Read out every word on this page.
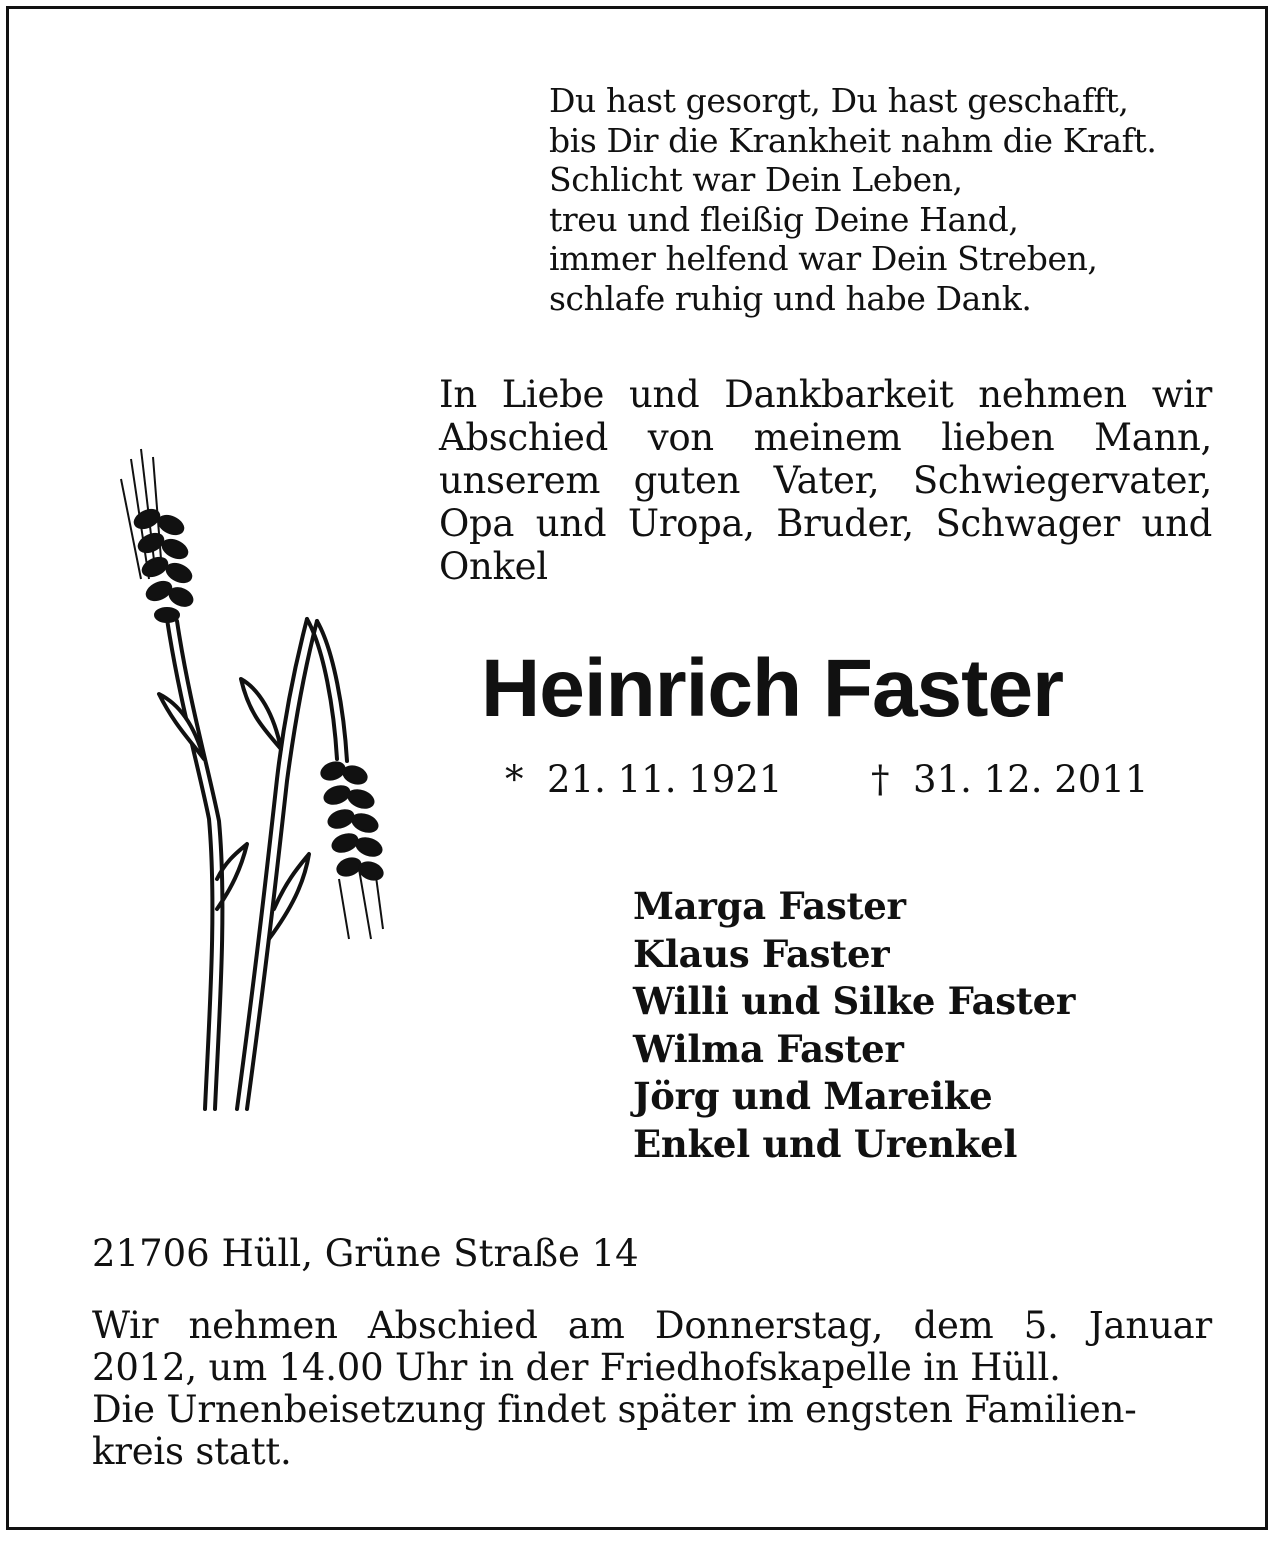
Du hast gesorgt, Du hast geschafft,
bis Dir die Krankheit nahm die Kraft.
Schlicht war Dein Leben,
treu und fleißig Deine Hand,
immer helfend war Dein Streben,
schlafe ruhig und habe Dank.
In Liebe und Dankbarkeit nehmen wir Abschied von meinem lieben Mann, unserem guten Vater, Schwiegervater, Opa und Uropa, Bruder, Schwager und Onkel
Heinrich Faster
* 21. 11. 1921 † 31. 12. 2011
Marga Faster
Klaus Faster
Willi und Silke Faster
Wilma Faster
Jörg und Mareike
Enkel und Urenkel
21706 Hüll, Grüne Straße 14
Wir nehmen Abschied am Donnerstag, dem 5. Januar
2012, um 14.00 Uhr in der Friedhofskapelle in Hüll.
Die Urnenbeisetzung findet später im engsten Familien-
kreis statt.
